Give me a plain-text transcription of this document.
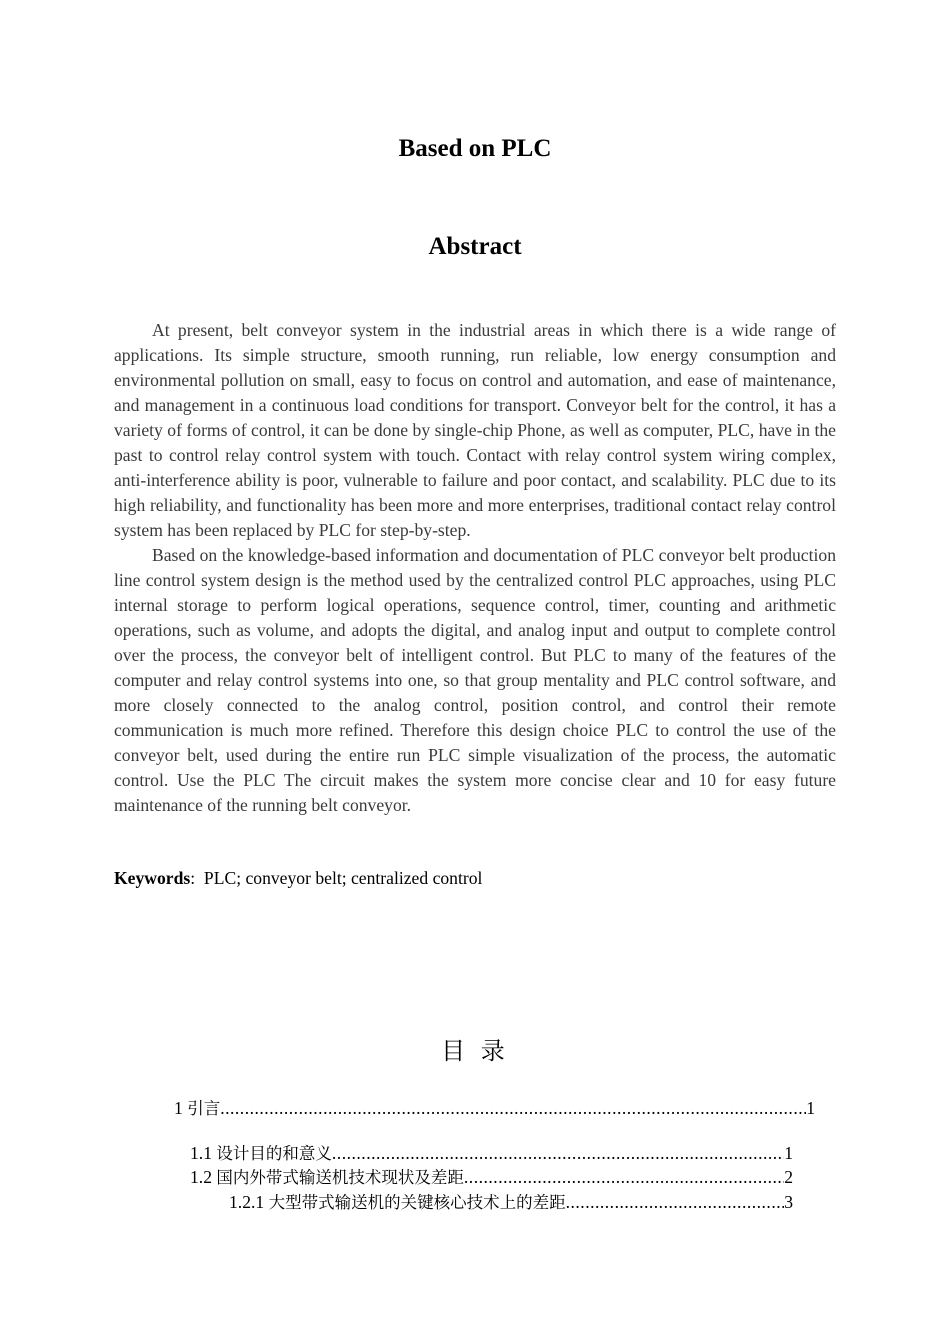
Based on PLC
Abstract

At present, belt conveyor system in the industrial areas in which there is a wide range of applications. Its simple structure, smooth running, run reliable, low energy consumption and environmental pollution on small, easy to focus on control and automation, and ease of maintenance, and management in a continuous load conditions for transport. Conveyor belt for the control, it has a variety of forms of control, it can be done by single-chip Phone, as well as computer, PLC, have in the past to control relay control system with touch. Contact with relay control system wiring complex, anti-interference ability is poor, vulnerable to failure and poor contact, and scalability. PLC due to its high reliability, and functionality has been more and more enterprises, traditional contact relay control system has been replaced by PLC for step-by-step.

Based on the knowledge-based information and documentation of PLC conveyor belt production line control system design is the method used by the centralized control PLC approaches, using PLC internal storage to perform logical operations, sequence control, timer, counting and arithmetic operations, such as volume, and adopts the digital, and analog input and output to complete control over the process, the conveyor belt of intelligent control. But PLC to many of the features of the computer and relay control systems into one, so that group mentality and PLC control software, and more closely connected to the analog control, position control, and control their remote communication is much more refined. Therefore this design choice PLC to control the use of the conveyor belt, used during the entire run PLC simple visualization of the process, the automatic control. Use the PLC The circuit makes the system more concise clear and 10 for easy future maintenance of the running belt conveyor.

Keywords: PLC; conveyor belt; centralized control
目 录
1 引言 .....	1
1.1 设计目的和意义 .....	1
1.2 国内外带式输送机技术现状及差距 .....	2
1.2.1 大型带式输送机的关键核心技术上的差距 .....	3
